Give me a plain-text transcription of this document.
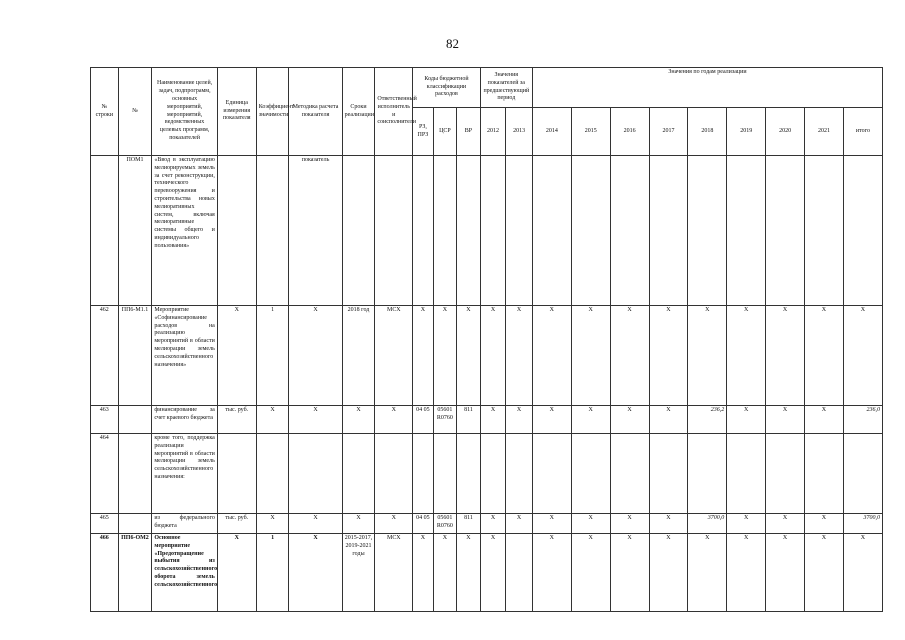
82
№ строки	№	Наименование целей, задач, подпрограмм, основных мероприятий, мероприятий, ведомственных целевых программ, показателей	Единица измерения показателя	Коэффициент значимости	Методика расчета показателя	Сроки реализации	Ответственный исполнитель и соисполнители	Коды бюджетной классификации расходов			Значения показателей за предшествующий период		Значения по годам реализации								
								РЗ, ПРЗ	ЦСР	ВР	2012	2013	2014	2015	2016	2017	2018	2019	2020	2021	итого
	ПОМ1	«Ввод в эксплуатацию мелиорируемых земель за счет реконструкции, технического перевооружения и строительства новых мелиоративных систем, включая мелиоративные системы общего и индивидуального пользования»			показатель																
462	ПП6-М1.1	Мероприятие «Софинансирование расходов на реализацию мероприятий в области мелиорации земель сельскохозяйственного назначения»	Х	1	Х	2018 год	МСХ	Х	Х	Х	Х	Х	Х	Х	Х	Х	Х	Х	Х	Х	Х
463		финансирование за счет краевого бюджета	тыс. руб.	Х	Х	Х	Х	04 05	05601 R0760	811	Х	Х	Х	Х	Х	Х	236,2	Х	Х	Х	236,0
464		кроме того, поддержка реализации мероприятий в области мелиорации земель сельскохозяйственного назначения:																			
465		из федерального бюджета	тыс. руб.	Х	Х	Х	Х	04 05	05601 R0760	811	Х	Х	Х	Х	Х	Х	3700,0	Х	Х	Х	3700,0
466	ПП6-ОМ2	Основное мероприятие «Предотвращение выбытия из сельскохозяйственного оборота земель сельскохозяйственного	Х	1	Х	2015-2017, 2019-2021 годы	МСХ	Х	Х	Х	Х		Х	Х	Х	Х	Х	Х	Х	Х	Х
